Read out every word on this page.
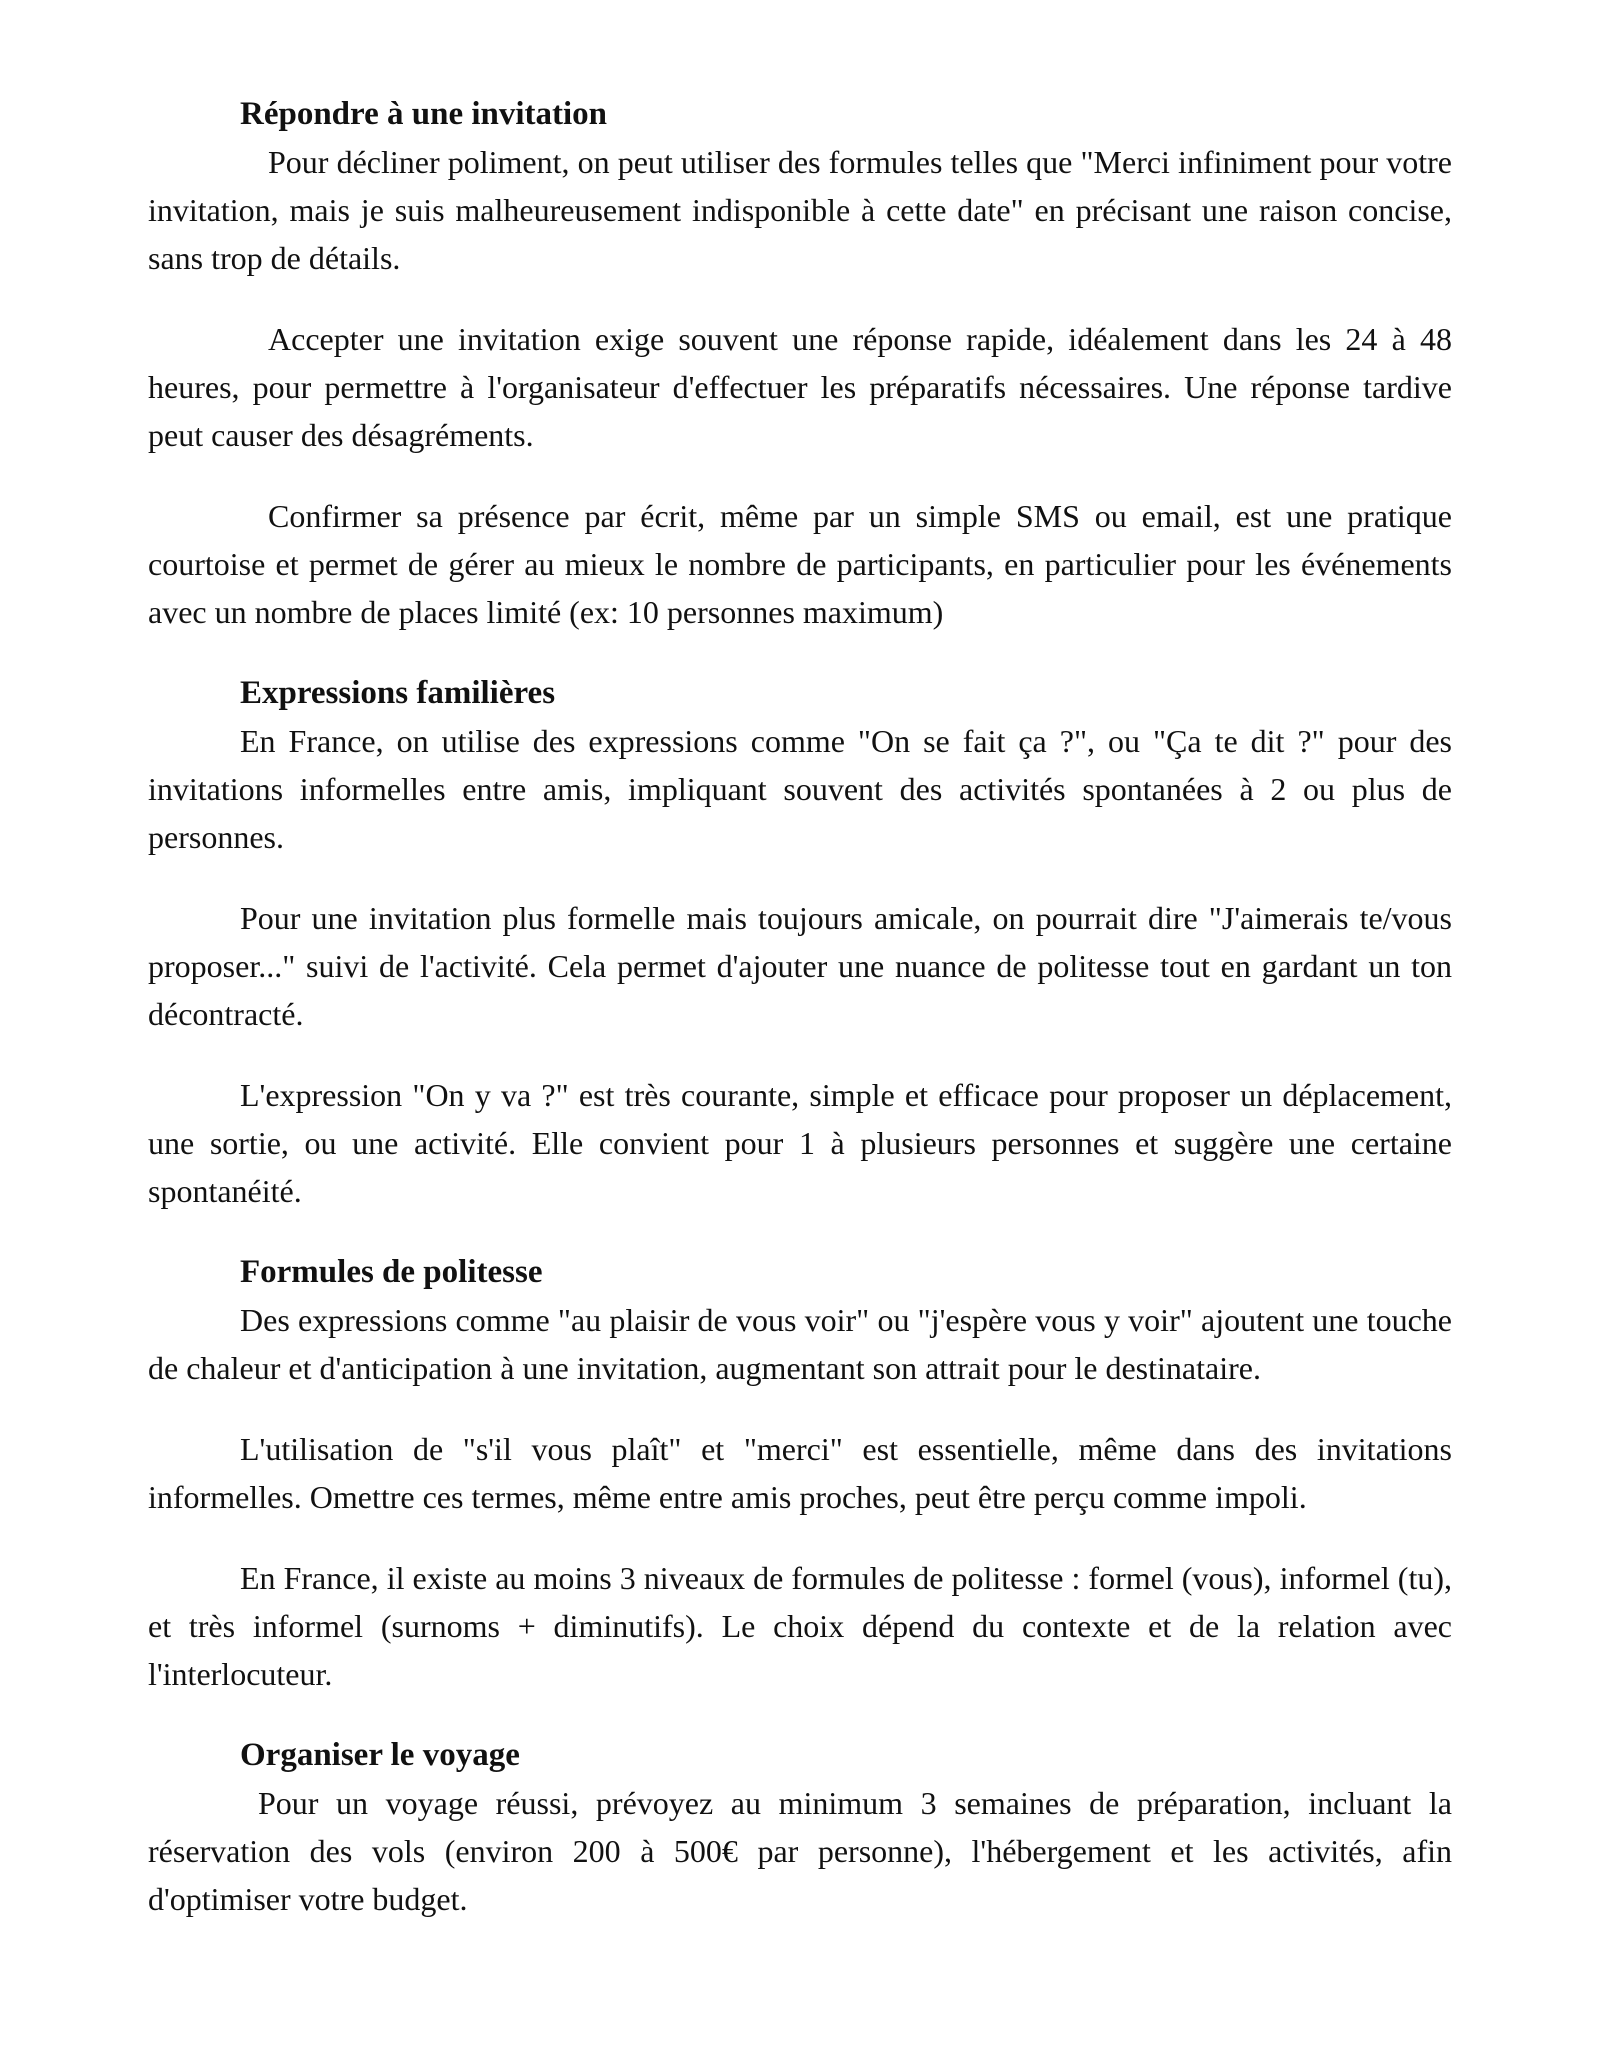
Répondre à une invitation

Pour décliner poliment, on peut utiliser des formules telles que "Merci infiniment pour votre invitation, mais je suis malheureusement indisponible à cette date" en précisant une raison concise, sans trop de détails.

Accepter une invitation exige souvent une réponse rapide, idéalement dans les 24 à 48 heures, pour permettre à l'organisateur d'effectuer les préparatifs nécessaires. Une réponse tardive peut causer des désagréments.

Confirmer sa présence par écrit, même par un simple SMS ou email, est une pratique courtoise et permet de gérer au mieux le nombre de participants, en particulier pour les événements avec un nombre de places limité (ex: 10 personnes maximum)

Expressions familières

En France, on utilise des expressions comme "On se fait ça ?", ou "Ça te dit ?" pour des invitations informelles entre amis, impliquant souvent des activités spontanées à 2 ou plus de personnes.

Pour une invitation plus formelle mais toujours amicale, on pourrait dire "J'aimerais te/vous proposer..." suivi de l'activité. Cela permet d'ajouter une nuance de politesse tout en gardant un ton décontracté.

L'expression "On y va ?" est très courante, simple et efficace pour proposer un déplacement, une sortie, ou une activité. Elle convient pour 1 à plusieurs personnes et suggère une certaine spontanéité.

Formules de politesse

Des expressions comme "au plaisir de vous voir" ou "j'espère vous y voir" ajoutent une touche de chaleur et d'anticipation à une invitation, augmentant son attrait pour le destinataire.

L'utilisation de "s'il vous plaît" et "merci" est essentielle, même dans des invitations informelles. Omettre ces termes, même entre amis proches, peut être perçu comme impoli.

En France, il existe au moins 3 niveaux de formules de politesse : formel (vous), informel (tu), et très informel (surnoms + diminutifs). Le choix dépend du contexte et de la relation avec l'interlocuteur.

Organiser le voyage

Pour un voyage réussi, prévoyez au minimum 3 semaines de préparation, incluant la réservation des vols (environ 200 à 500€ par personne), l'hébergement et les activités, afin d'optimiser votre budget.
